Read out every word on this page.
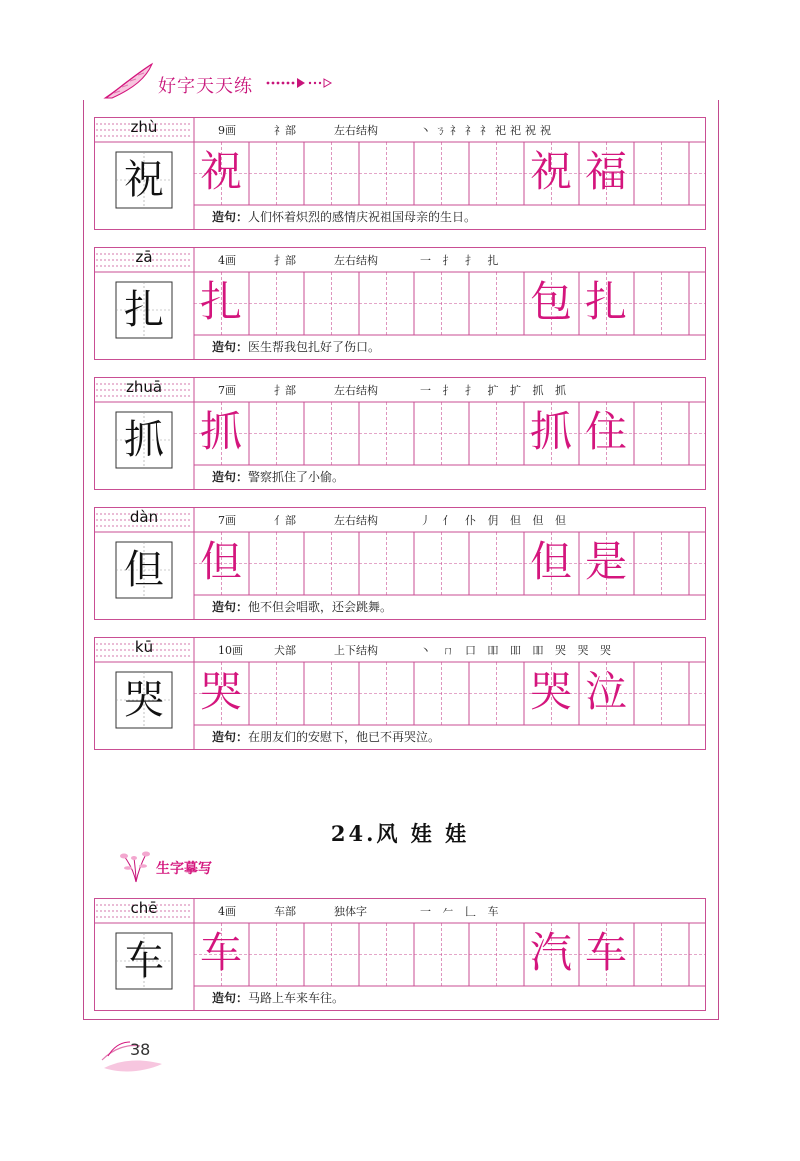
好字天天练
zhù
祝
9画	礻部	左右结构	丶ㄋ礻礻礻祀祀祝祝
祝	祝 福
造句：人们怀着炽烈的感情庆祝祖国母亲的生日。
zā
扎
4画	扌部	左右结构	一 扌 扌 扎
扎	包 扎
造句：医生帮我包扎好了伤口。
zhuā
抓
7画	扌部	左右结构	一 扌 扌 扩 扩 抓 抓
抓	抓 住
造句：警察抓住了小偷。
dàn
但
7画	亻部	左右结构	丿 亻 仆 仴 但 但 但
但	但 是
造句：他不但会唱歌，还会跳舞。
kū
哭
10画	犬部	上下结构	丶 ㄇ 口 吅 吅 吅 哭 哭 哭
哭	哭 泣
造句：在朋友们的安慰下，他已不再哭泣。
24.风 娃 娃
生字摹写
chē
车
4画	车部	独体字	一 𠂉 𠃊 车
车	汽 车
造句：马路上车来车往。
38
